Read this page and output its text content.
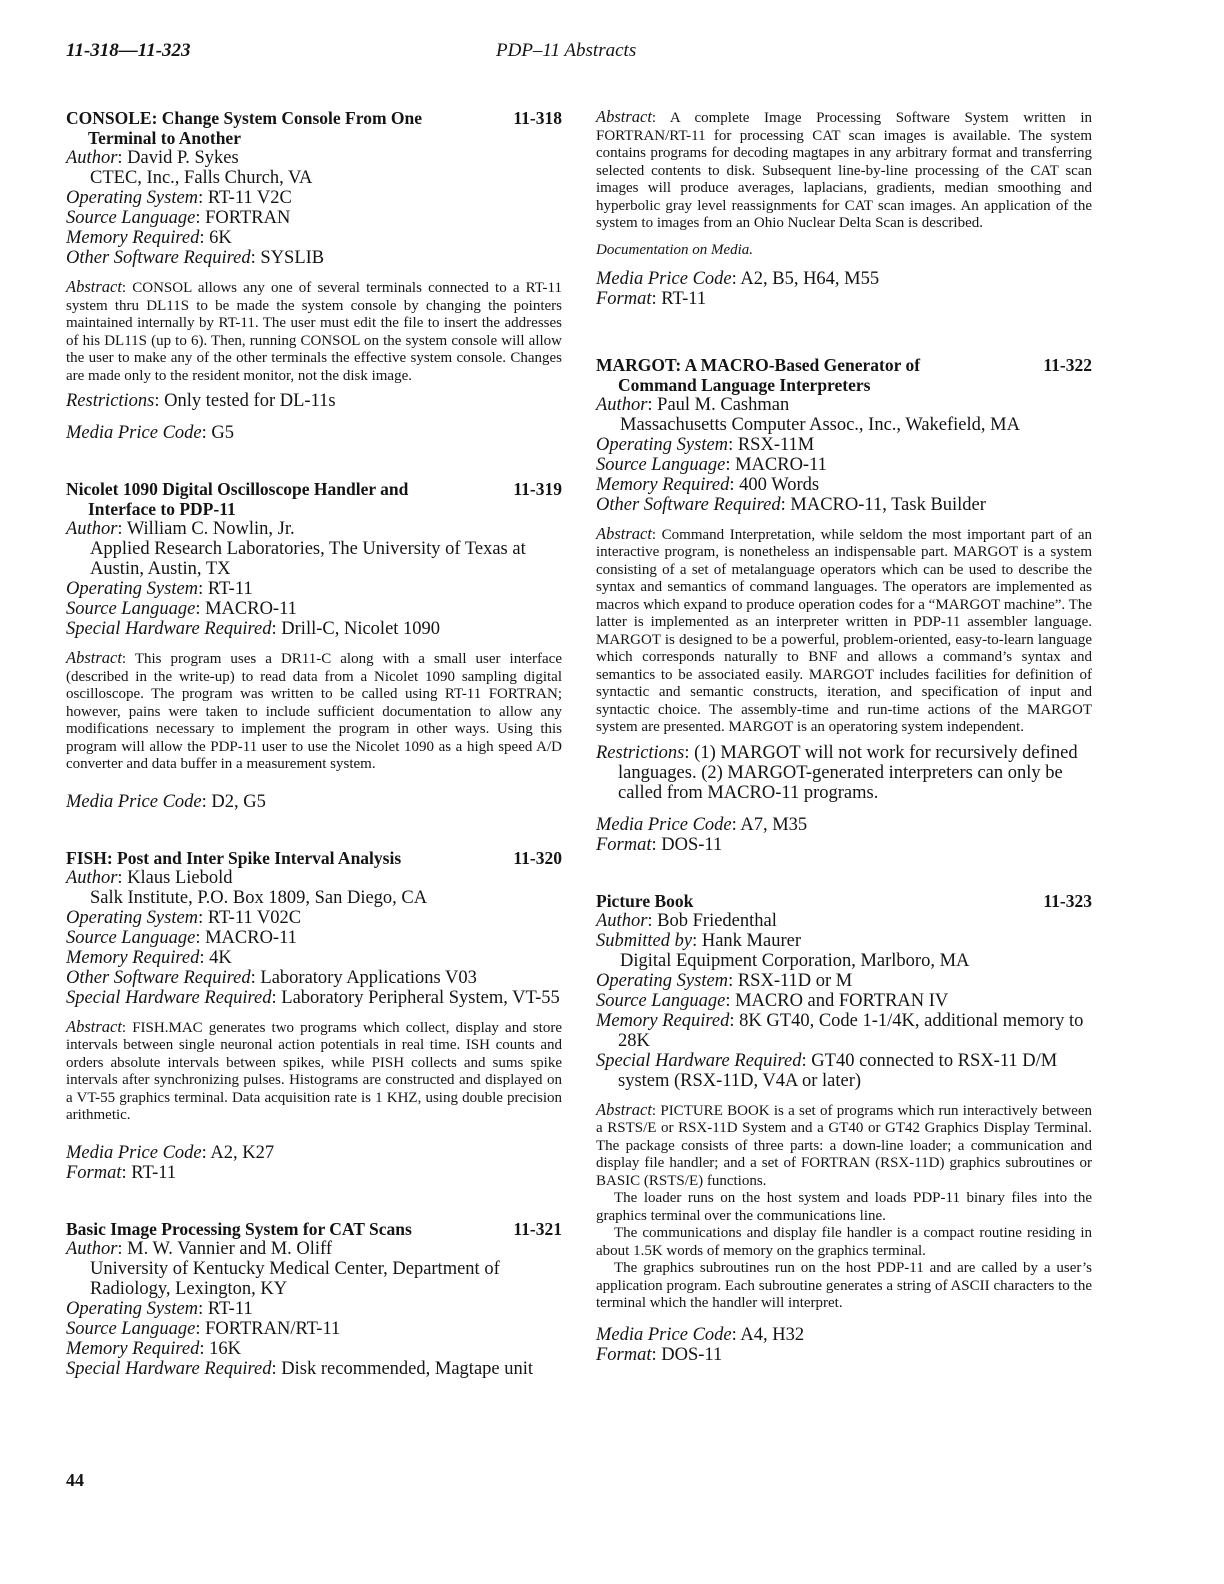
11-318—11-323	PDP–11 Abstracts
CONSOLE: Change System Console From One
Terminal to Another
11-318
Author: David P. Sykes
CTEC, Inc., Falls Church, VA
Operating System: RT-11 V2C
Source Language: FORTRAN
Memory Required: 6K
Other Software Required: SYSLIB
Abstract: CONSOL allows any one of several terminals connected to a RT-11 system thru DL11S to be made the system console by changing the pointers maintained internally by RT-11. The user must edit the file to insert the addresses of his DL11S (up to 6). Then, running CONSOL on the system console will allow the user to make any of the other terminals the effective system console. Changes are made only to the resident monitor, not the disk image.
Restrictions: Only tested for DL-11s
Media Price Code: G5
Nicolet 1090 Digital Oscilloscope Handler and
Interface to PDP-11
11-319
Author: William C. Nowlin, Jr.
Applied Research Laboratories, The University of Texas at Austin, Austin, TX
Operating System: RT-11
Source Language: MACRO-11
Special Hardware Required: Drill-C, Nicolet 1090
Abstract: This program uses a DR11-C along with a small user interface (described in the write-up) to read data from a Nicolet 1090 sampling digital oscilloscope. The program was written to be called using RT-11 FORTRAN; however, pains were taken to include sufficient documentation to allow any modifications necessary to implement the program in other ways. Using this program will allow the PDP-11 user to use the Nicolet 1090 as a high speed A/D converter and data buffer in a measurement system.
Media Price Code: D2, G5
FISH: Post and Inter Spike Interval Analysis	11-320
Author: Klaus Liebold
Salk Institute, P.O. Box 1809, San Diego, CA
Operating System: RT-11 V02C
Source Language: MACRO-11
Memory Required: 4K
Other Software Required: Laboratory Applications V03
Special Hardware Required: Laboratory Peripheral System, VT-55
Abstract: FISH.MAC generates two programs which collect, display and store intervals between single neuronal action potentials in real time. ISH counts and orders absolute intervals between spikes, while PISH collects and sums spike intervals after synchronizing pulses. Histograms are constructed and displayed on a VT-55 graphics terminal. Data acquisition rate is 1 KHZ, using double precision arithmetic.
Media Price Code: A2, K27
Format: RT-11
Basic Image Processing System for CAT Scans	11-321
Author: M. W. Vannier and M. Oliff
University of Kentucky Medical Center, Department of Radiology, Lexington, KY
Operating System: RT-11
Source Language: FORTRAN/RT-11
Memory Required: 16K
Special Hardware Required: Disk recommended, Magtape unit
Abstract: A complete Image Processing Software System written in FORTRAN/RT-11 for processing CAT scan images is available. The system contains programs for decoding magtapes in any arbitrary format and transferring selected contents to disk. Subsequent line-by-line processing of the CAT scan images will produce averages, laplacians, gradients, median smoothing and hyperbolic gray level reassignments for CAT scan images. An application of the system to images from an Ohio Nuclear Delta Scan is described.
Documentation on Media.
Media Price Code: A2, B5, H64, M55
Format: RT-11
MARGOT: A MACRO-Based Generator of
Command Language Interpreters
11-322
Author: Paul M. Cashman
Massachusetts Computer Assoc., Inc., Wakefield, MA
Operating System: RSX-11M
Source Language: MACRO-11
Memory Required: 400 Words
Other Software Required: MACRO-11, Task Builder
Abstract: Command Interpretation, while seldom the most important part of an interactive program, is nonetheless an indispensable part. MARGOT is a system consisting of a set of metalanguage operators which can be used to describe the syntax and semantics of command languages. The operators are implemented as macros which expand to produce operation codes for a “MARGOT machine”. The latter is implemented as an interpreter written in PDP-11 assembler language. MARGOT is designed to be a powerful, problem-oriented, easy-to-learn language which corresponds naturally to BNF and allows a command’s syntax and semantics to be associated easily. MARGOT includes facilities for definition of syntactic and semantic constructs, iteration, and specification of input and syntactic choice. The assembly-time and run-time actions of the MARGOT system are presented. MARGOT is an operatoring system independent.
Restrictions: (1) MARGOT will not work for recursively defined languages. (2) MARGOT-generated interpreters can only be called from MACRO-11 programs.
Media Price Code: A7, M35
Format: DOS-11
Picture Book	11-323
Author: Bob Friedenthal
Submitted by: Hank Maurer
Digital Equipment Corporation, Marlboro, MA
Operating System: RSX-11D or M
Source Language: MACRO and FORTRAN IV
Memory Required: 8K GT40, Code 1-1/4K, additional memory to 28K
Special Hardware Required: GT40 connected to RSX-11 D/M system (RSX-11D, V4A or later)
Abstract: PICTURE BOOK is a set of programs which run interactively between a RSTS/E or RSX-11D System and a GT40 or GT42 Graphics Display Terminal. The package consists of three parts: a down-line loader; a communication and display file handler; and a set of FORTRAN (RSX-11D) graphics subroutines or BASIC (RSTS/E) functions.
The loader runs on the host system and loads PDP-11 binary files into the graphics terminal over the communications line.
The communications and display file handler is a compact routine residing in about 1.5K words of memory on the graphics terminal.
The graphics subroutines run on the host PDP-11 and are called by a user’s application program. Each subroutine generates a string of ASCII characters to the terminal which the handler will interpret.
Media Price Code: A4, H32
Format: DOS-11
44
